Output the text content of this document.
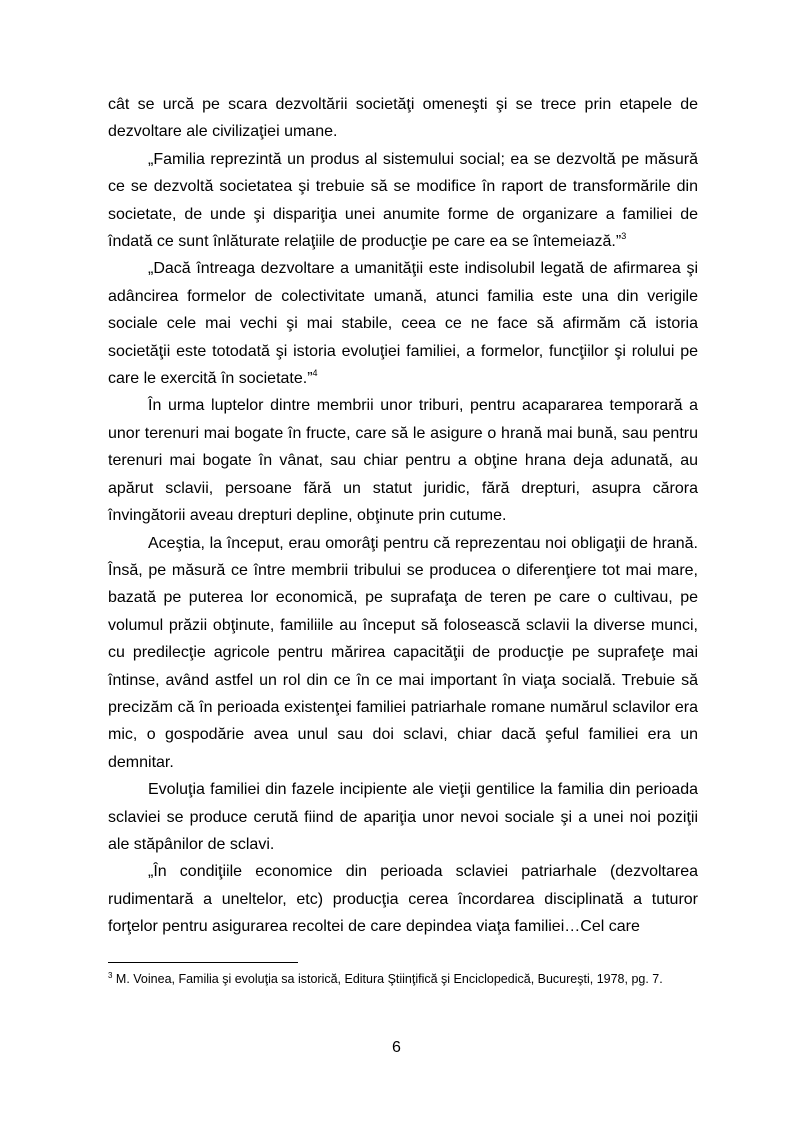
cât se urcă pe scara dezvoltării societăţi omeneşti şi se trece prin etapele de dezvoltare ale civilizaţiei umane.

„Familia reprezintă un produs al sistemului social; ea se dezvoltă pe măsură ce se dezvoltă societatea şi trebuie să se modifice în raport de transformările din societate, de unde şi dispariţia unei anumite forme de organizare a familiei de îndată ce sunt înlăturate relaţiile de producţie pe care ea se întemeiază.”$^3$

„Dacă întreaga dezvoltare a umanităţii este indisolubil legată de afirmarea şi adâncirea formelor de colectivitate umană, atunci familia este una din verigile sociale cele mai vechi şi mai stabile, ceea ce ne face să afirmăm că istoria societăţii este totodată şi istoria evoluţiei familiei, a formelor, funcţiilor şi rolului pe care le exercită în societate.”$^4$

În urma luptelor dintre membrii unor triburi, pentru acapararea temporară a unor terenuri mai bogate în fructe, care să le asigure o hrană mai bună, sau pentru terenuri mai bogate în vânat, sau chiar pentru a obţine hrana deja adunată, au apărut sclavii, persoane fără un statut juridic, fără drepturi, asupra cărora învingătorii aveau drepturi depline, obţinute prin cutume.

Aceştia, la început, erau omorâţi pentru că reprezentau noi obligaţii de hrană. Însă, pe măsură ce între membrii tribului se producea o diferenţiere tot mai mare, bazată pe puterea lor economică, pe suprafaţa de teren pe care o cultivau, pe volumul prăzii obţinute, familiile au început să folosească sclavii la diverse munci, cu predilecţie agricole pentru mărirea capacităţii de producţie pe suprafeţe mai întinse, având astfel un rol din ce în ce mai important în viaţa socială. Trebuie să precizăm că în perioada existenţei familiei patriarhale romane numărul sclavilor era mic, o gospodărie avea unul sau doi sclavi, chiar dacă şeful familiei era un demnitar.

Evoluţia familiei din fazele incipiente ale vieţii gentilice la familia din perioada sclaviei se produce cerută fiind de apariţia unor nevoi sociale şi a unei noi poziţii ale stăpânilor de sclavi.

„În condiţiile economice din perioada sclaviei patriarhale (dezvoltarea rudimentară a uneltelor, etc) producţia cerea încordarea disciplinată a tuturor forţelor pentru asigurarea recoltei de care depindea viaţa familiei…Cel care

$^3$ M. Voinea, Familia şi evoluţia sa istorică, Editura Ştiinţifică şi Enciclopedică, Bucureşti, 1978, pg. 7.

6
